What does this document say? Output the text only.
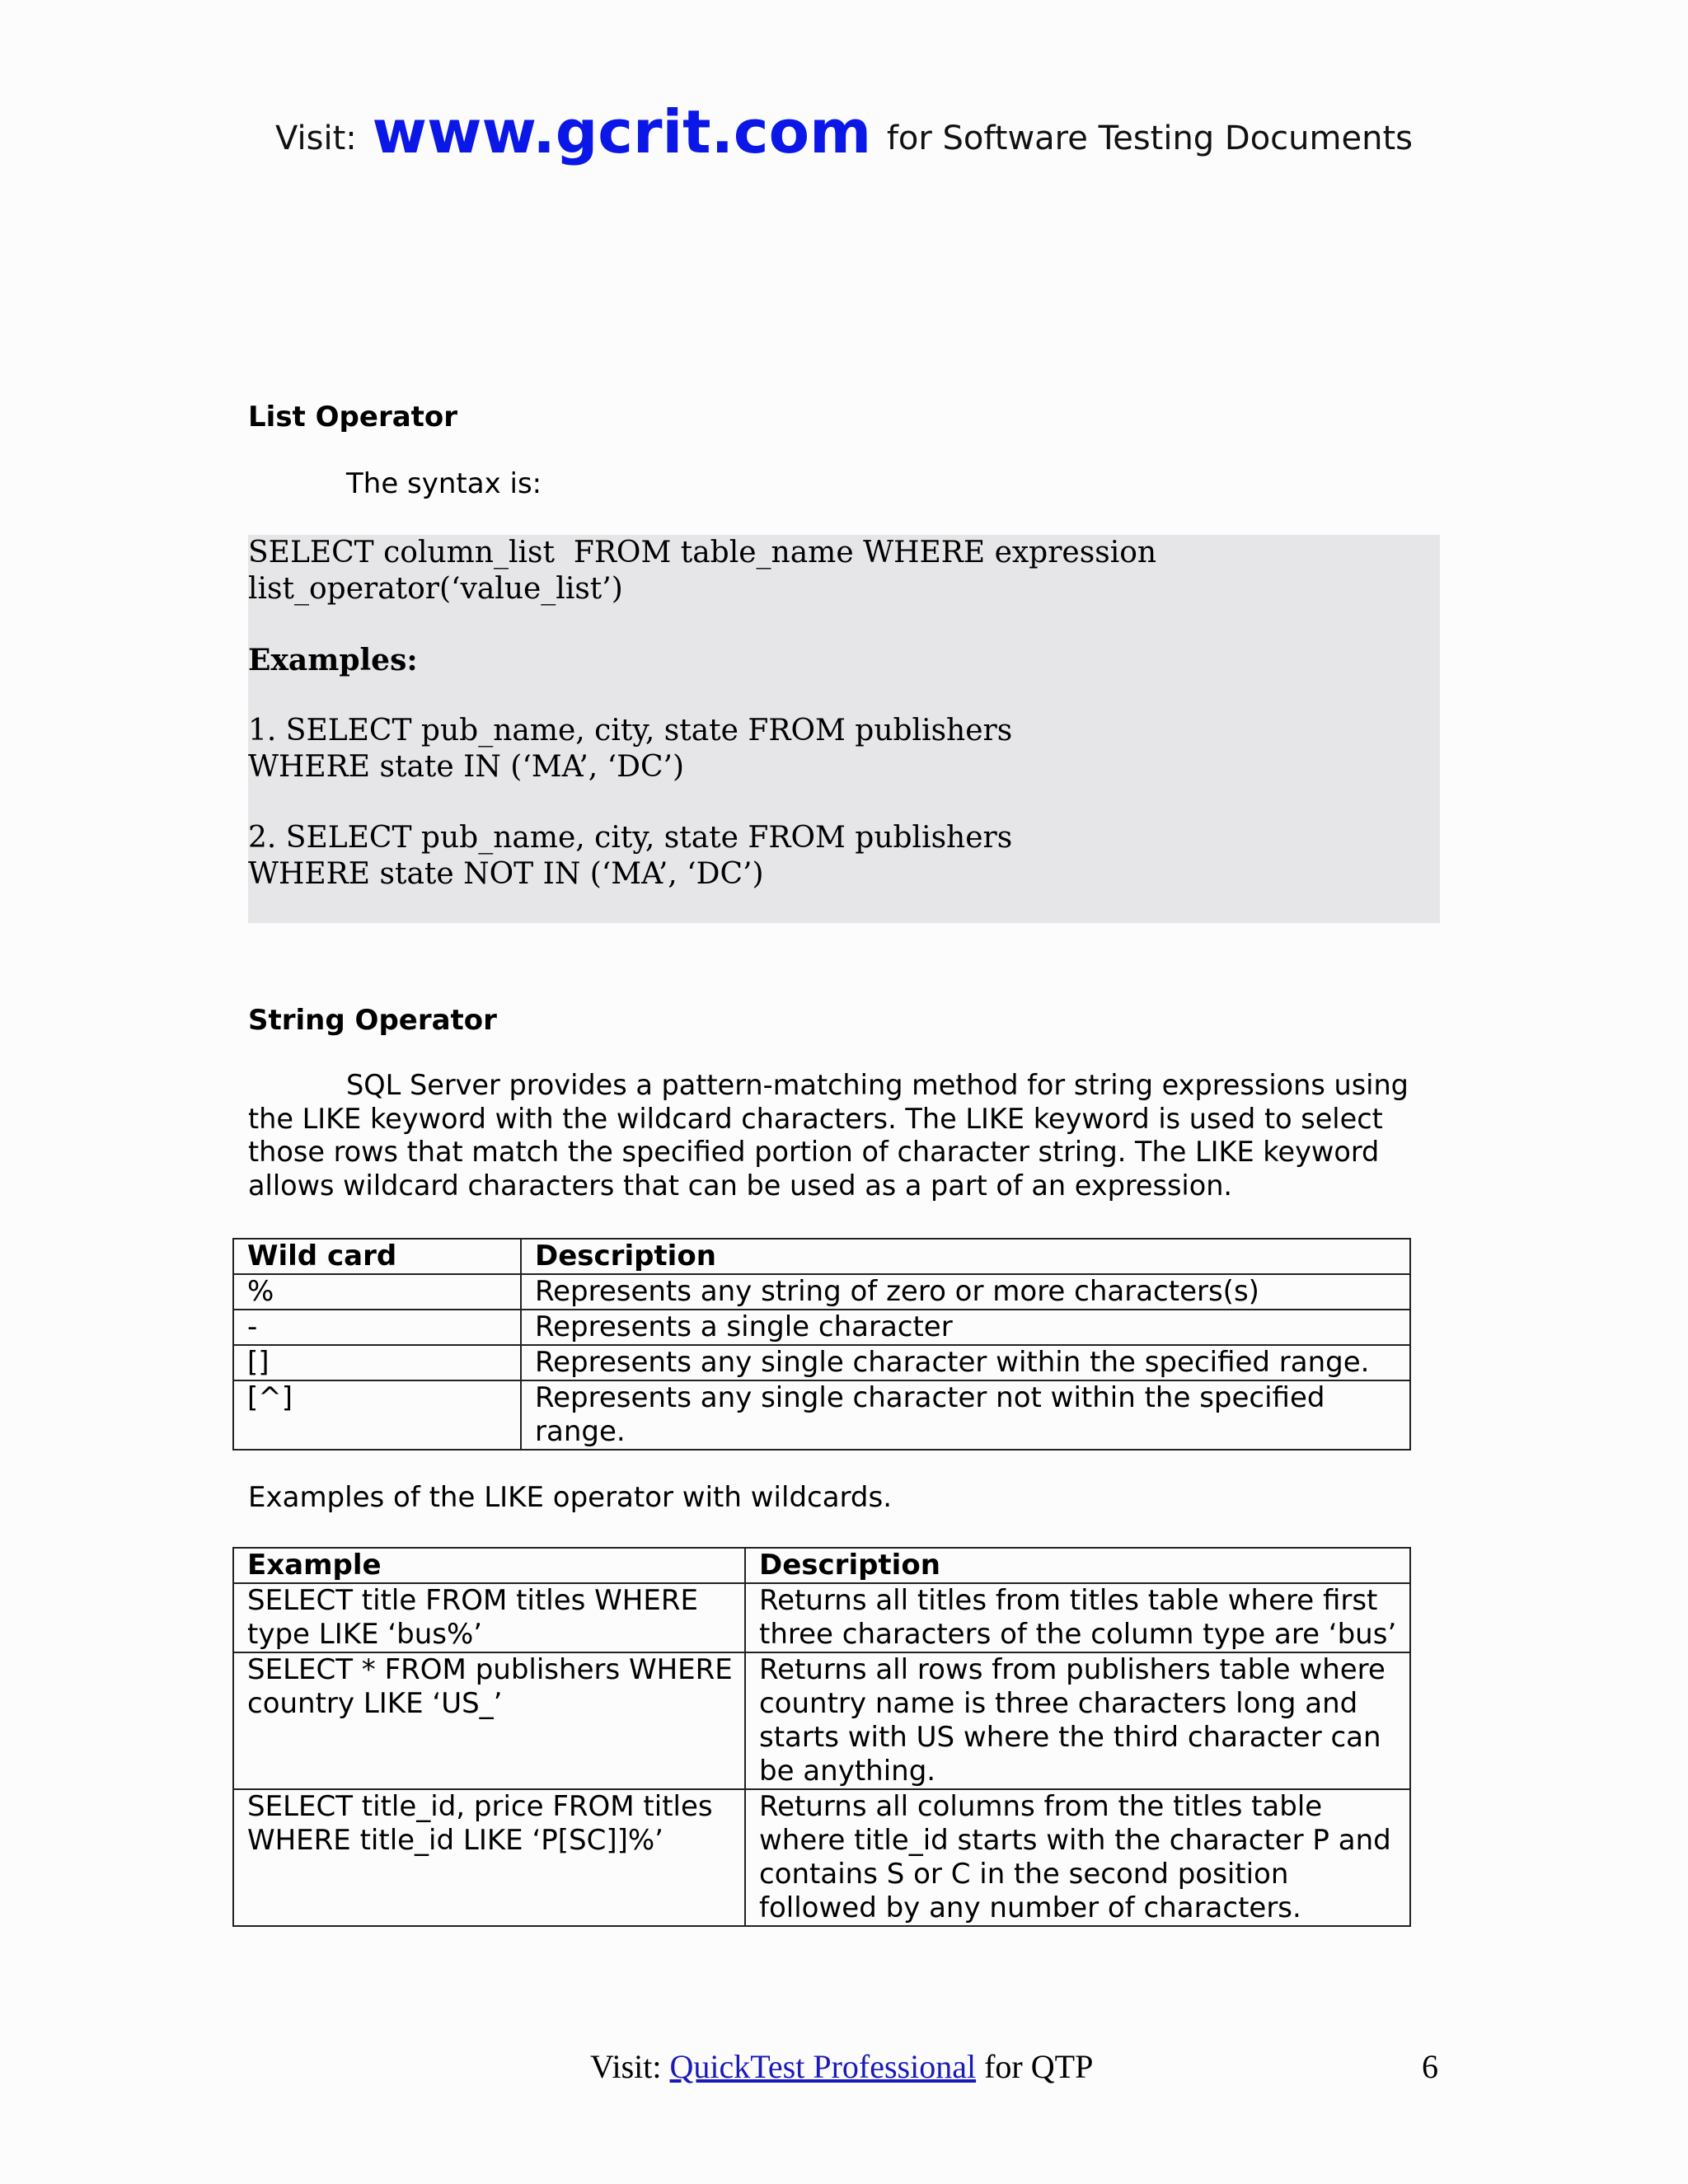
Visit: www.gcrit.com for Software Testing Documents
List Operator
The syntax is:
SELECT column_list  FROM table_name WHERE expression
list_operator(‘value_list’)
Examples:
1. SELECT pub_name, city, state FROM publishers
WHERE state IN (‘MA’, ‘DC’)
2. SELECT pub_name, city, state FROM publishers
WHERE state NOT IN (‘MA’, ‘DC’)
String Operator
SQL Server provides a pattern-matching method for string expressions using the LIKE keyword with the wildcard characters. The LIKE keyword is used to select those rows that match the specified portion of character string. The LIKE keyword allows wildcard characters that can be used as a part of an expression.
Wild card	Description
%	Represents any string of zero or more characters(s)
-	Represents a single character
[]	Represents any single character within the specified range.
[^]	Represents any single character not within the specified range.
Examples of the LIKE operator with wildcards.
Example	Description
SELECT title FROM titles WHERE type LIKE ‘bus%’	Returns all titles from titles table where first three characters of the column type are ‘bus’
SELECT * FROM publishers WHERE country LIKE ‘US_’	Returns all rows from publishers table where country name is three characters long and starts with US where the third character can be anything.
SELECT title_id, price FROM titles WHERE title_id LIKE ‘P[SC]]%’	Returns all columns from the titles table where title_id starts with the character P and contains S or C in the second position followed by any number of characters.
Visit: QuickTest Professional for QTP	6
